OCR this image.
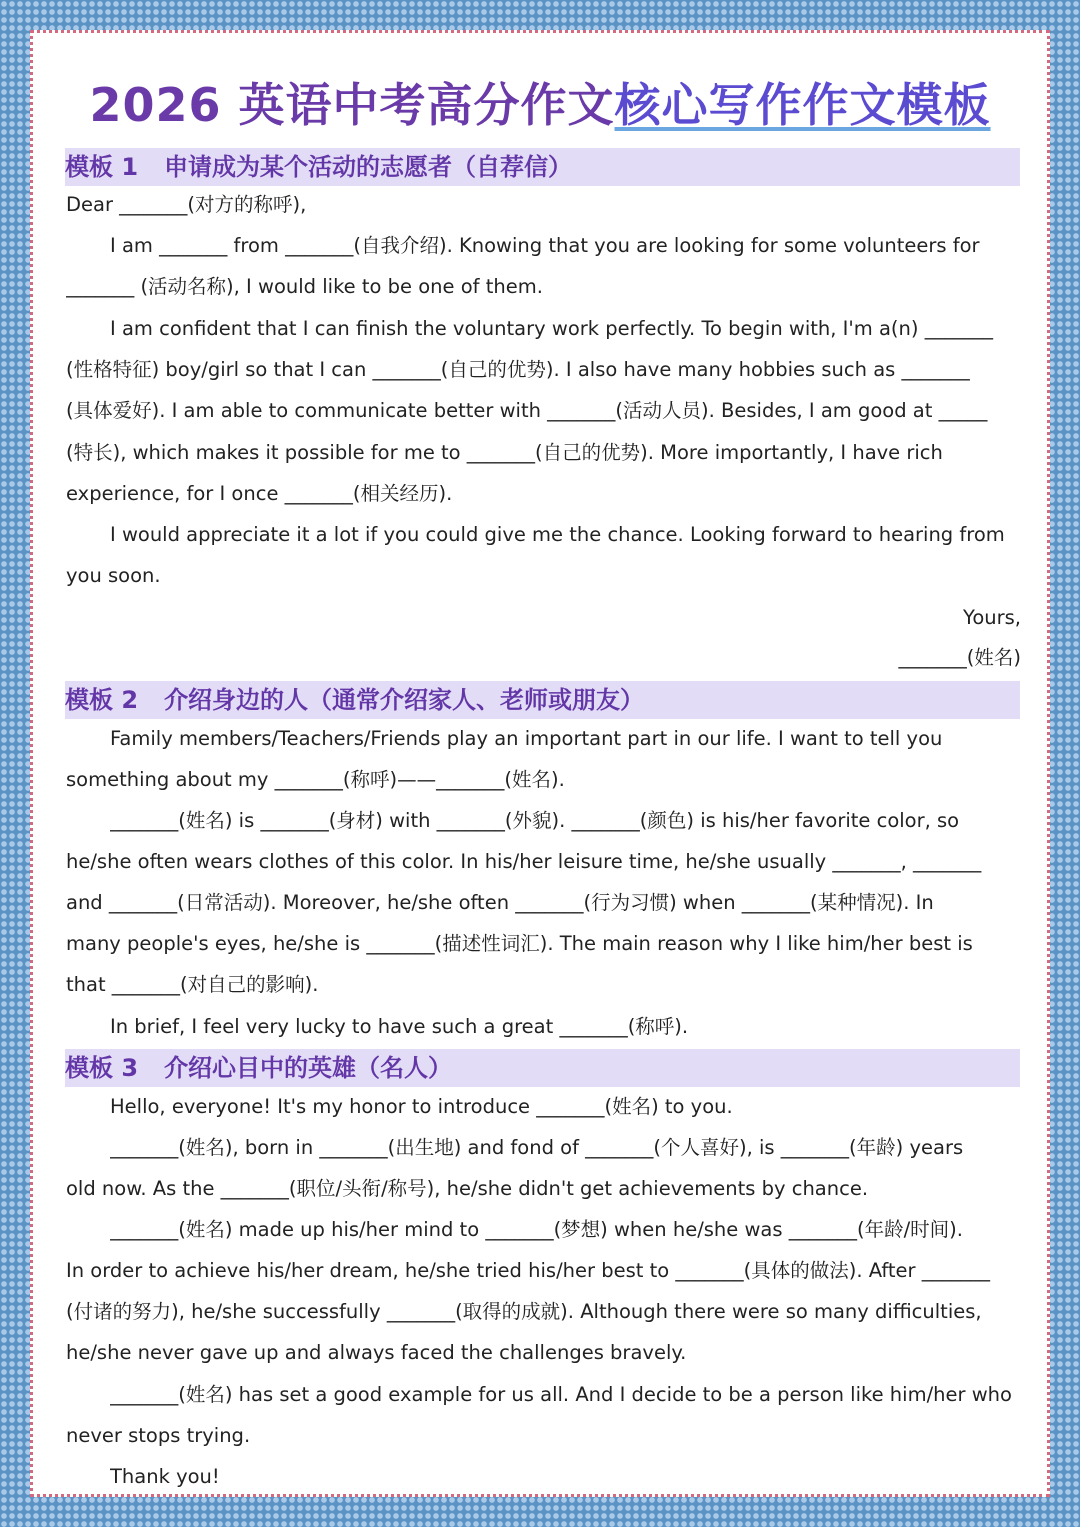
2026 英语中考高分作文核心写作作文模板
模板 1 申请成为某个活动的志愿者（自荐信）
Dear _______(对方的称呼),
I am _______ from _______(自我介绍). Knowing that you are looking for some volunteers for
_______ (活动名称), I would like to be one of them.
I am confident that I can finish the voluntary work perfectly. To begin with, I'm a(n) _______
(性格特征) boy/girl so that I can _______(自己的优势). I also have many hobbies such as _______
(具体爱好). I am able to communicate better with _______(活动人员). Besides, I am good at _____
(特长), which makes it possible for me to _______(自己的优势). More importantly, I have rich
experience, for I once _______(相关经历).
I would appreciate it a lot if you could give me the chance. Looking forward to hearing from
you soon.
Yours,
_______(姓名)
模板 2 介绍身边的人（通常介绍家人、老师或朋友）
Family members/Teachers/Friends play an important part in our life. I want to tell you
something about my _______(称呼)——_______(姓名).
_______(姓名) is _______(身材) with _______(外貌). _______(颜色) is his/her favorite color, so
he/she often wears clothes of this color. In his/her leisure time, he/she usually _______, _______
and _______(日常活动). Moreover, he/she often _______(行为习惯) when _______(某种情况). In
many people's eyes, he/she is _______(描述性词汇). The main reason why I like him/her best is
that _______(对自己的影响).
In brief, I feel very lucky to have such a great _______(称呼).
模板 3 介绍心目中的英雄（名人）
Hello, everyone! It's my honor to introduce _______(姓名) to you.
_______(姓名), born in _______(出生地) and fond of _______(个人喜好), is _______(年龄) years
old now. As the _______(职位/头衔/称号), he/she didn't get achievements by chance.
_______(姓名) made up his/her mind to _______(梦想) when he/she was _______(年龄/时间).
In order to achieve his/her dream, he/she tried his/her best to _______(具体的做法). After _______
(付诸的努力), he/she successfully _______(取得的成就). Although there were so many difficulties,
he/she never gave up and always faced the challenges bravely.
_______(姓名) has set a good example for us all. And I decide to be a person like him/her who
never stops trying.
Thank you!
